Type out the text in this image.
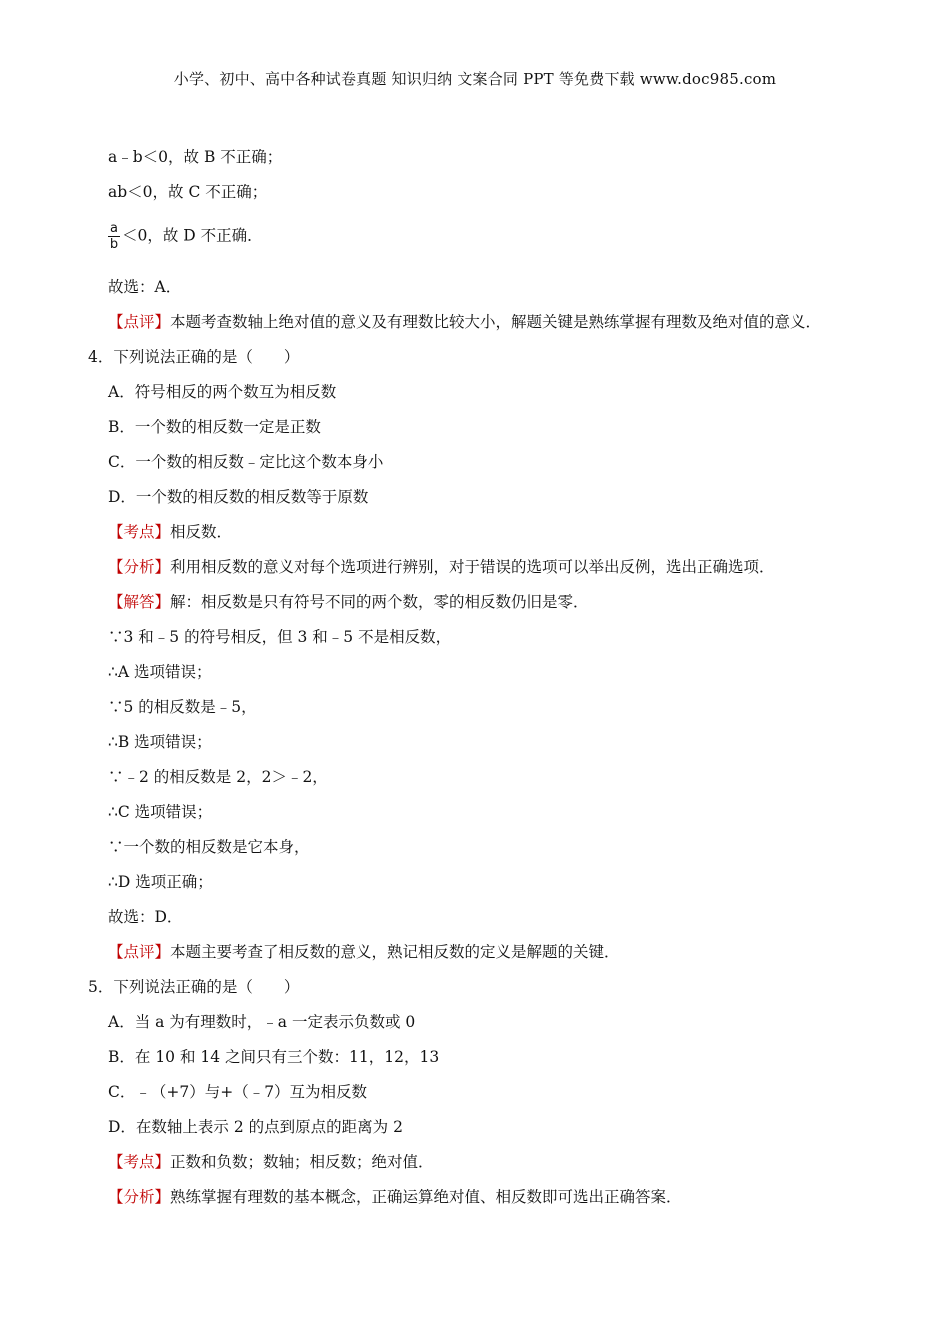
小学、初中、高中各种试卷真题 知识归纳 文案合同 PPT 等免费下载 www.doc985.com
a﹣b＜0，故 B 不正确；
ab＜0，故 C 不正确；
$\frac{a}{b} <0$，故 D 不正确．
故选：A．
【点评】本题考查数轴上绝对值的意义及有理数比较大小，解题关键是熟练掌握有理数及绝对值的意义．
4．下列说法正确的是（　　）
A．符号相反的两个数互为相反数
B．一个数的相反数一定是正数
C．一个数的相反数﹣定比这个数本身小
D．一个数的相反数的相反数等于原数
【考点】相反数．
【分析】利用相反数的意义对每个选项进行辨别，对于错误的选项可以举出反例，选出正确选项．
【解答】解：相反数是只有符号不同的两个数，零的相反数仍旧是零．
∵3 和﹣5 的符号相反，但 3 和﹣5 不是相反数，
∴A 选项错误；
∵5 的相反数是﹣5，
∴B 选项错误；
∵﹣2 的相反数是 2，2＞﹣2，
∴C 选项错误；
∵一个数的相反数是它本身，
∴D 选项正确；
故选：D．
【点评】本题主要考查了相反数的意义，熟记相反数的定义是解题的关键．
5．下列说法正确的是（　　）
A．当 a 为有理数时，﹣a 一定表示负数或 0
B．在 10 和 14 之间只有三个数：11，12，13
C．﹣（+7）与+（﹣7）互为相反数
D．在数轴上表示 2 的点到原点的距离为 2
【考点】正数和负数；数轴；相反数；绝对值．
【分析】熟练掌握有理数的基本概念，正确运算绝对值、相反数即可选出正确答案．
